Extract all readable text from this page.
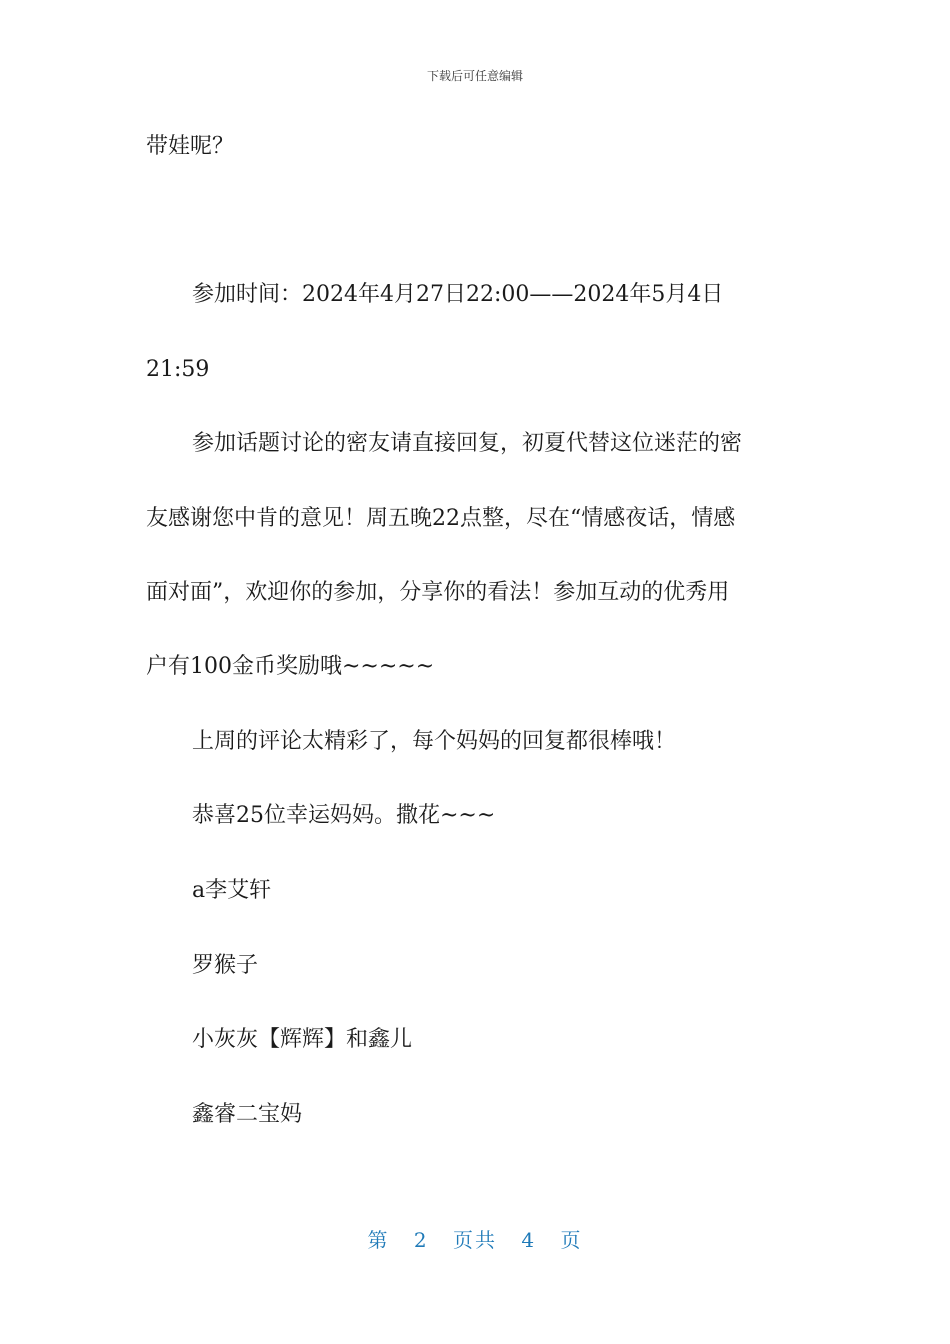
下载后可任意编辑
带娃呢？
参加时间：2024年4月27日22:00——2024年5月4日
21:59
参加话题讨论的密友请直接回复，初夏代替这位迷茫的密
友感谢您中肯的意见！周五晚22点整，尽在“情感夜话，情感
面对面”，欢迎你的参加，分享你的看法！参加互动的优秀用
户有100金币奖励哦~~~~~
上周的评论太精彩了，每个妈妈的回复都很棒哦！
恭喜25位幸运妈妈。撒花~~~
a李艾轩
罗猴子
小灰灰【辉辉】和鑫儿
鑫睿二宝妈
第 2 页共 4 页
